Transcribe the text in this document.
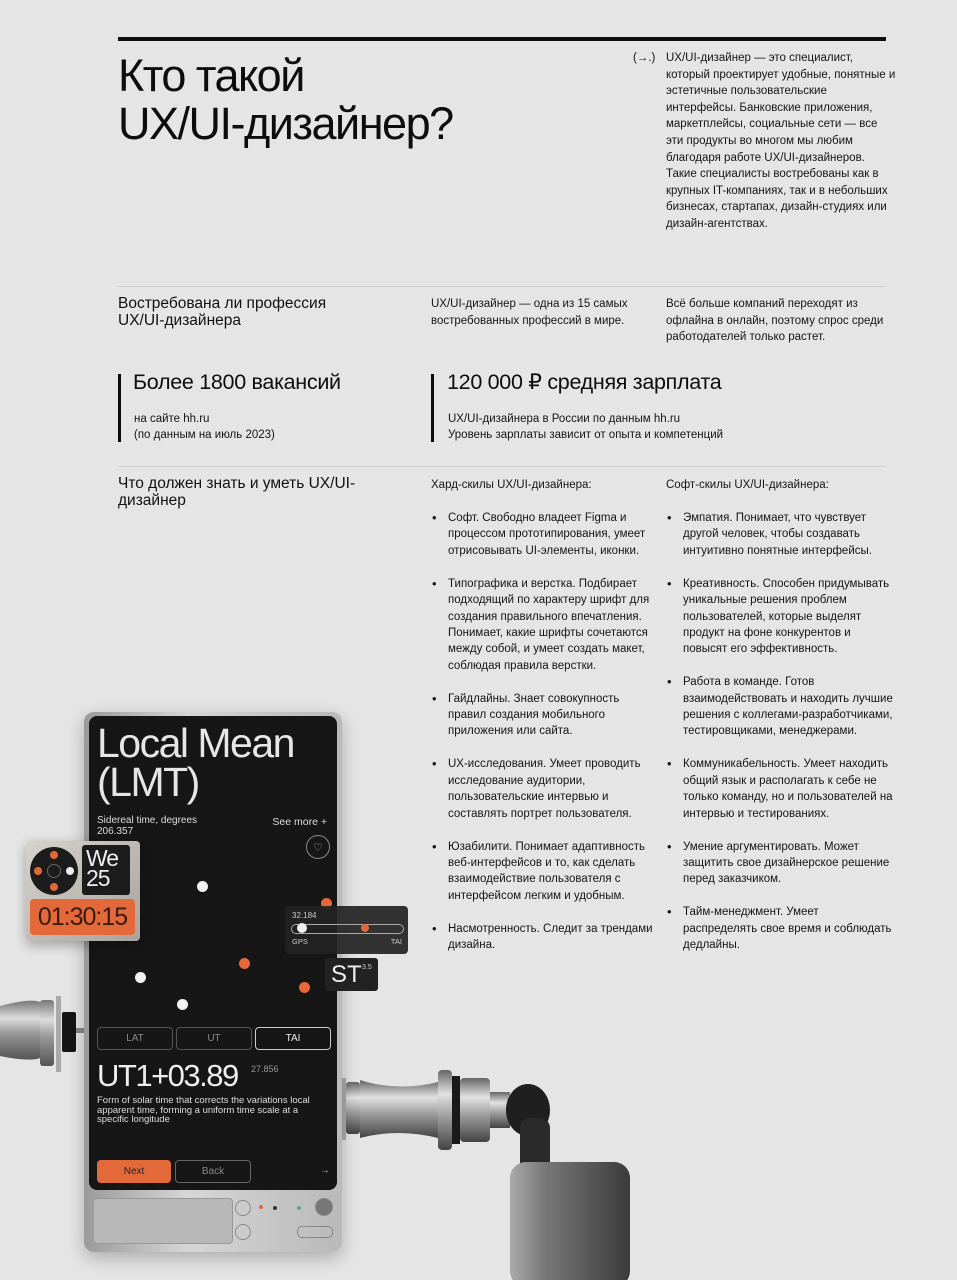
Кто такой
UX/UI-дизайнер?
(→.) UX/UI-дизайнер — это специалист, который проектирует удобные, понятные и эстетичные пользовательские интерфейсы. Банковские приложения, маркетплейсы, социальные сети — все эти продукты во многом мы любим благодаря работе UX/UI-дизайнеров. Такие специалисты востребованы как в крупных IT-компаниях, так и в небольших бизнесах, стартапах, дизайн-студиях или дизайн-агентствах.

Востребована ли профессия UX/UI-дизайнера

UX/UI-дизайнер — одна из 15 самых востребованных профессий в мире.

Всё больше компаний переходят из офлайна в онлайн, поэтому спрос среди работодателей только растет.

Более 1800 вакансий

на сайте hh.ru

(по данным на июль 2023)

120 000 ₽ средняя зарплата

UX/UI-дизайнера в России по данным hh.ru

Уровень зарплаты зависит от опыта и компетенций

Что должен знать и уметь UX/UI-дизайнер
Хард-скилы UX/UI-дизайнера:	Софт-скилы UX/UI-дизайнера:
• Софт. Свободно владеет Figma и процессом прототипирования, умеет отрисовывать UI-элементы, иконки.
• Типографика и верстка. Подбирает подходящий по характеру шрифт для создания правильного впечатления. Понимает, какие шрифты сочетаются между собой, и умеет создать макет, соблюдая правила верстки.
• Гайдлайны. Знает совокупность правил создания мобильного приложения или сайта.
• UX-исследования. Умеет проводить исследование аудитории, пользовательские интервью и составлять портрет пользователя.
• Юзабилити. Понимает адаптивность веб-интерфейсов и то, как сделать взаимодействие пользователя с интерфейсом легким и удобным.
• Насмотренность. Следит за трендами дизайна.
• Эмпатия. Понимает, что чувствует другой человек, чтобы создавать интуитивно понятные интерфейсы.
• Креативность. Способен придумывать уникальные решения проблем пользователей, которые выделят продукт на фоне конкурентов и повысят его эффективность.
• Работа в команде. Готов взаимодействовать и находить лучшие решения с коллегами-разработчиками, тестировщиками, менеджерами.
• Коммуникабельность. Умеет находить общий язык и располагать к себе не только команду, но и пользователей на интервью и тестированиях.
• Умение аргументировать. Может защитить свое дизайнерское решение перед заказчиком.
• Тайм-менеджмент. Умеет распределять свое время и соблюдать дедлайны.
Local Mean
(LMT)
Sidereal time, degrees
206.357
See more +
♡
LAT	UT	TAI
UT1+03.89 27.856

Form of solar time that corrects the variations local apparent time, forming a uniform time scale at a specific longitude

Next	Back	→
We
25
01:30:15	32.184
GPS	TAI
ST 3.5
